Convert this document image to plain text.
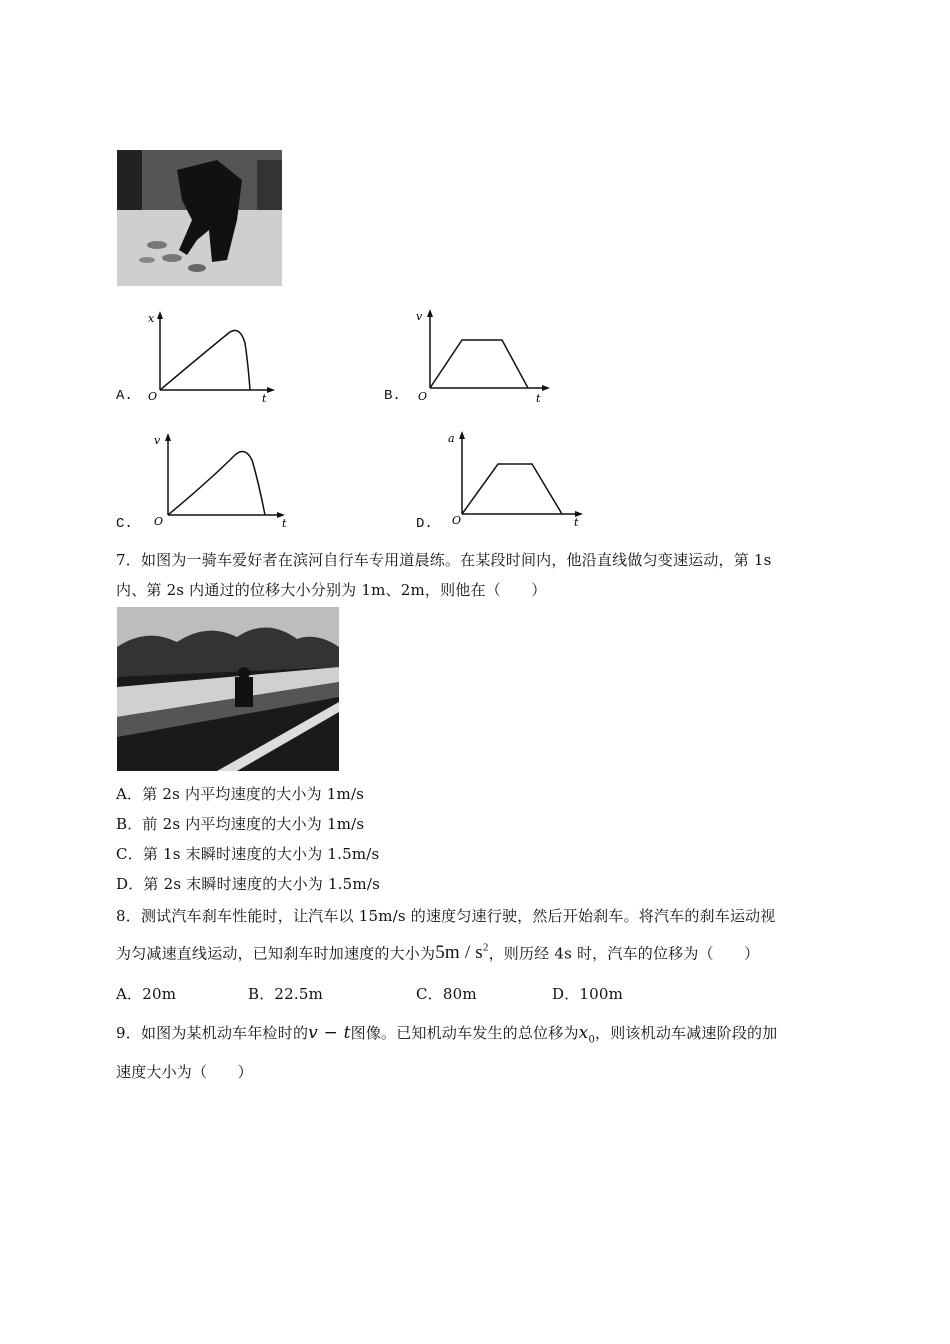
A.
x
t
O	B.
v
t
O
C.
v
t
O	D.
a
t
O
7．如图为一骑车爱好者在滨河自行车专用道晨练。在某段时间内，他沿直线做匀变速运动，第 1s
内、第 2s 内通过的位移大小分别为 1m、2m，则他在（　　）
A．第 2s 内平均速度的大小为 1m/s
B．前 2s 内平均速度的大小为 1m/s
C．第 1s 末瞬时速度的大小为 1.5m/s
D．第 2s 末瞬时速度的大小为 1.5m/s
8．测试汽车刹车性能时，让汽车以 15m/s 的速度匀速行驶，然后开始刹车。将汽车的刹车运动视
为匀减速直线运动，已知刹车时加速度的大小为$5m / s^2$，则历经 4s 时，汽车的位移为（　　）
A．20m	B．22.5m	C．80m	D．100m
9．如图为某机动车年检时的v − t图像。已知机动车发生的总位移为$x_0$，则该机动车减速阶段的加
速度大小为（　　）
